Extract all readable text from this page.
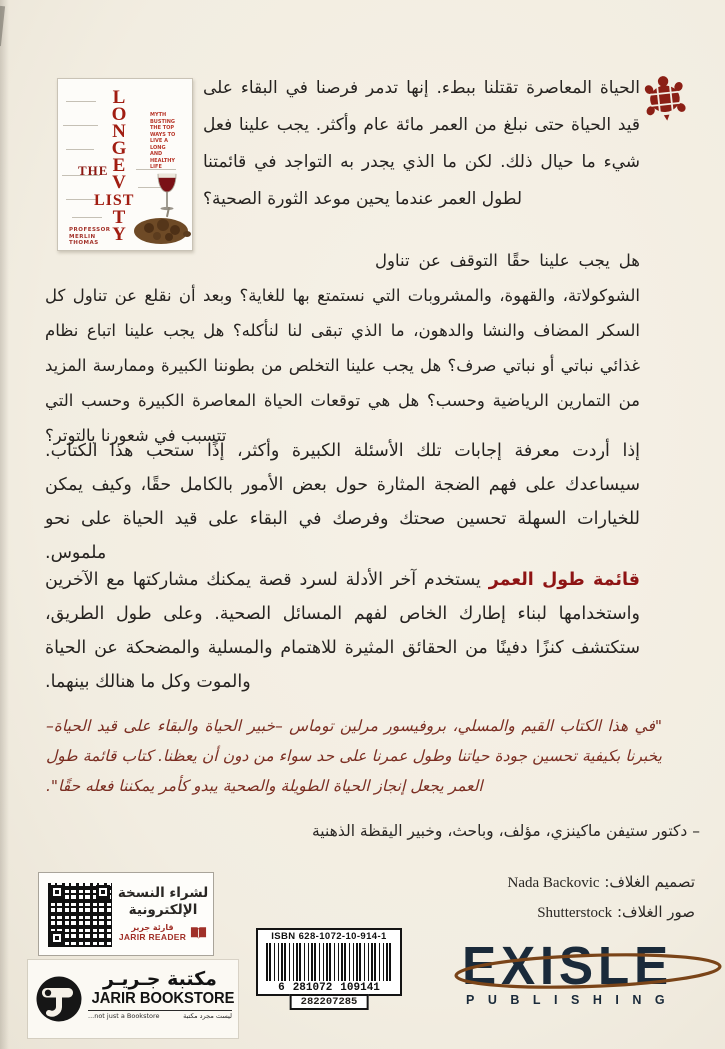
L
O
N
G
E
V
THE
LIST
T
Y
MYTH BUSTING THE TOP WAYS TO LIVE A LONG AND HEALTHY LIFE
PROFESSOR MERLIN THOMAS
الحياة المعاصرة تقتلنا ببطء. إنها تدمر فرصنا في البقاء على قيد الحياة حتى نبلغ من العمر مائة عام وأكثر. يجب علينا فعل شيء ما حيال ذلك. لكن ما الذي يجدر به التواجد في قائمتنا لطول العمر عندما يحين موعد الثورة الصحية؟
هل يجب علينا حقًا التوقف عن تناول الشوكولاتة، والقهوة، والمشروبات التي نستمتع بها للغاية؟ وبعد أن نقلع عن تناول كل السكر المضاف والنشا والدهون، ما الذي تبقى لنا لنأكله؟ هل يجب علينا اتباع نظام غذائي نباتي أو نباتي صرف؟ هل يجب علينا التخلص من بطوننا الكبيرة وممارسة المزيد من التمارين الرياضية وحسب؟ هل هي توقعات الحياة المعاصرة الكبيرة وحسب التي تتسبب في شعورنا بالتوتر؟
إذا أردت معرفة إجابات تلك الأسئلة الكبيرة وأكثر، إذًا ستحب هذا الكتاب. سيساعدك على فهم الضجة المثارة حول بعض الأمور بالكامل حقًا، وكيف يمكن للخيارات السهلة تحسين صحتك وفرصك في البقاء على قيد الحياة على نحو ملموس.
قائمة طول العمر يستخدم آخر الأدلة لسرد قصة يمكنك مشاركتها مع الآخرين واستخدامها لبناء إطارك الخاص لفهم المسائل الصحية. وعلى طول الطريق، ستكتشف كنزًا دفينًا من الحقائق المثيرة للاهتمام والمسلية والمضحكة عن الحياة والموت وكل ما هنالك بينهما.
"في هذا الكتاب القيم والمسلي، بروفيسور مرلين توماس –خبير الحياة والبقاء على قيد الحياة– يخبرنا بكيفية تحسين جودة حياتنا وطول عمرنا على حد سواء من دون أن يعظنا. كتاب قائمة طول العمر يجعل إنجاز الحياة الطويلة والصحية يبدو كأمر يمكننا فعله حقًا".
– دكتور ستيفن ماكينزي، مؤلف، وباحث، وخبير اليقظة الذهنية
تصميم الغلاف: Nada Backovic
صور الغلاف: Shutterstock
لشراء النسخة
الإلكترونية
قارئة جرير
JARIR READER	ISBN 628-1072-10-914-1
6 281072 109141
282207285
مكتبة جـريـر
JARIR BOOKSTORE
...not just a Bookstore	ليست مجرد مكتبة
EXISLE
PUBLISHING
